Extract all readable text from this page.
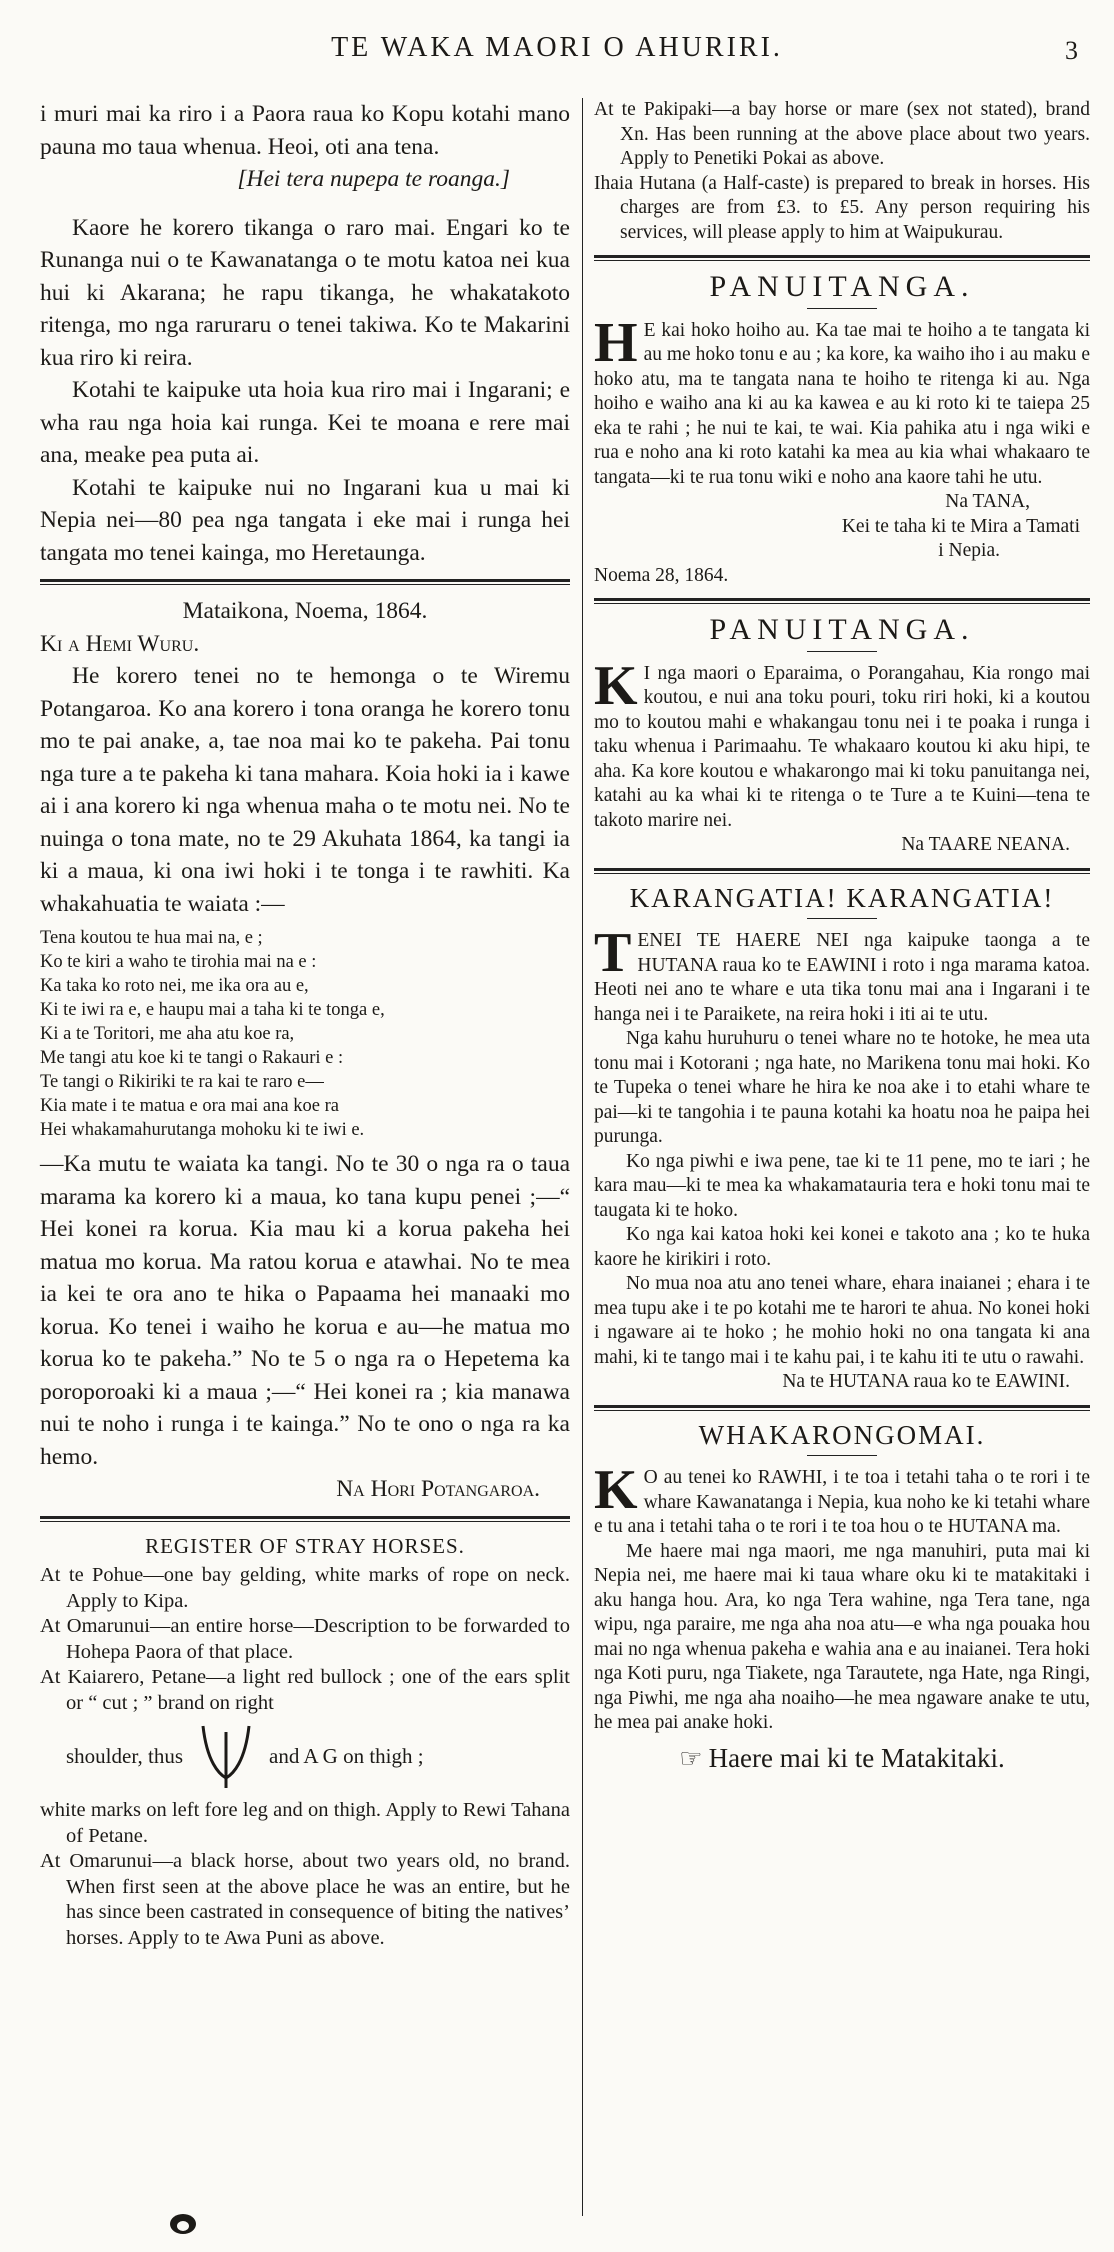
TE WAKA MAORI O AHURIRI.	3

i muri mai ka riro i a Paora raua ko Kopu kotahi mano pauna mo taua whenua. Heoi, oti ana tena.

[Hei tera nupepa te roanga.]

Kaore he korero tikanga o raro mai. Engari ko te Runanga nui o te Kawanatanga o te motu katoa nei kua hui ki Akarana; he rapu tikanga, he whakatakoto ritenga, mo nga raruraru o tenei takiwa. Ko te Makarini kua riro ki reira.

Kotahi te kaipuke uta hoia kua riro mai i Ingarani; e wha rau nga hoia kai runga. Kei te moana e rere mai ana, meake pea puta ai.

Kotahi te kaipuke nui no Ingarani kua u mai ki Nepia nei—80 pea nga tangata i eke mai i runga hei tangata mo tenei kainga, mo Heretaunga.

Mataikona, Noema, 1864.

Ki a Hemi Wuru.

He korero tenei no te hemonga o te Wiremu Potangaroa. Ko ana korero i tona oranga he korero tonu mo te pai anake, a, tae noa mai ko te pakeha. Pai tonu nga ture a te pakeha ki tana mahara. Koia hoki ia i kawe ai i ana korero ki nga whenua maha o te motu nei. No te nuinga o tona mate, no te 29 Akuhata 1864, ka tangi ia ki a maua, ki ona iwi hoki i te tonga i te rawhiti. Ka whakahuatia te waiata :—

Tena koutou te hua mai na, e ;
Ko te kiri a waho te tirohia mai na e :
Ka taka ko roto nei, me ika ora au e,
Ki te iwi ra e, e haupu mai a taha ki te tonga e,
Ki a te Toritori, me aha atu koe ra,
Me tangi atu koe ki te tangi o Rakauri e :
Te tangi o Rikiriki te ra kai te raro e—
Kia mate i te matua e ora mai ana koe ra
Hei whakamahurutanga mohoku ki te iwi e.

—Ka mutu te waiata ka tangi. No te 30 o nga ra o taua marama ka korero ki a maua, ko tana kupu penei ;—“ Hei konei ra korua. Kia mau ki a korua pakeha hei matua mo korua. Ma ratou korua e atawhai. No te mea ia kei te ora ano te hika o Papaama hei manaaki mo korua. Ko tenei i waiho he korua e au—he matua mo korua ko te pakeha.” No te 5 o nga ra o Hepetema ka poroporoaki ki a maua ;—“ Hei konei ra ; kia manawa nui te noho i runga i te kainga.” No te ono o nga ra ka hemo.

Na Hori Potangaroa.

REGISTER OF STRAY HORSES.

At te Pohue—one bay gelding, white marks of rope on neck. Apply to Kipa.

At Omarunui—an entire horse—Description to be forwarded to Hohepa Paora of that place.

At Kaiarero, Petane—a light red bullock ; one of the ears split or “ cut ; ” brand on right

shoulder, thus	and A G on thigh ;

white marks on left fore leg and on thigh. Apply to Rewi Tahana of Petane.

At Omarunui—a black horse, about two years old, no brand. When first seen at the above place he was an entire, but he has since been castrated in consequence of biting the natives’ horses. Apply to te Awa Puni as above.

At te Pakipaki—a bay horse or mare (sex not stated), brand Xn. Has been running at the above place about two years. Apply to Penetiki Pokai as above.

Ihaia Hutana (a Half-caste) is prepared to break in horses. His charges are from £3. to £5. Any person requiring his services, will please apply to him at Waipukurau.

PANUITANGA.

H E kai hoko hoiho au. Ka tae mai te hoiho a te tangata ki au me hoko tonu e au ; ka kore, ka waiho iho i au maku e hoko atu, ma te tangata nana te hoiho te ritenga ki au. Nga hoiho e waiho ana ki au ka kawea e au ki roto ki te taiepa 25 eka te rahi ; he nui te kai, te wai. Kia pahika atu i nga wiki e rua e noho ana ki roto katahi ka mea au kia whai whakaaro te tangata—ki te rua tonu wiki e noho ana kaore tahi he utu.

Na TANA,

Kei te taha ki te Mira a Tamati

i Nepia.

Noema 28, 1864.

PANUITANGA.

K I nga maori o Eparaima, o Porangahau, Kia rongo mai koutou, e nui ana toku pouri, toku riri hoki, ki a koutou mo to koutou mahi e whakangau tonu nei i te poaka i runga i taku whenua i Parimaahu. Te whakaaro koutou ki aku hipi, te aha. Ka kore koutou e whakarongo mai ki toku panuitanga nei, katahi au ka whai ki te ritenga o te Ture a te Kuini—tena te takoto marire nei.

Na TAARE NEANA.

KARANGATIA! KARANGATIA!

TENEI TE HAERE NEI nga kaipuke taonga a te HUTANA raua ko te EAWINI i roto i nga marama katoa. Heoti nei ano te whare e uta tika tonu mai ana i Ingarani i te hanga nei i te Paraikete, na reira hoki i iti ai te utu.

Nga kahu huruhuru o tenei whare no te hotoke, he mea uta tonu mai i Kotorani ; nga hate, no Marikena tonu mai hoki. Ko te Tupeka o tenei whare he hira ke noa ake i to etahi whare te pai—ki te tangohia i te pauna kotahi ka hoatu noa he paipa hei purunga.

Ko nga piwhi e iwa pene, tae ki te 11 pene, mo te iari ; he kara mau—ki te mea ka whakamatauria tera e hoki tonu mai te taugata ki te hoko.

Ko nga kai katoa hoki kei konei e takoto ana ; ko te huka kaore he kirikiri i roto.

No mua noa atu ano tenei whare, ehara inaianei ; ehara i te mea tupu ake i te po kotahi me te harori te ahua. No konei hoki i ngaware ai te hoko ; he mohio hoki no ona tangata ki ana mahi, ki te tango mai i te kahu pai, i te kahu iti te utu o rawahi.

Na te HUTANA raua ko te EAWINI.

WHAKARONGOMAI.

K O au tenei ko RAWHI, i te toa i tetahi taha o te rori i te whare Kawanatanga i Nepia, kua noho ke ki tetahi whare e tu ana i tetahi taha o te rori i te toa hou o te HUTANA ma.

Me haere mai nga maori, me nga manuhiri, puta mai ki Nepia nei, me haere mai ki taua whare oku ki te matakitaki i aku hanga hou. Ara, ko nga Tera wahine, nga Tera tane, nga wipu, nga paraire, me nga aha noa atu—e wha nga pouaka hou mai no nga whenua pakeha e wahia ana e au inaianei. Tera hoki nga Koti puru, nga Tiakete, nga Tarautete, nga Hate, nga Ringi, nga Piwhi, me nga aha noaiho—he mea ngaware anake te utu, he mea pai anake hoki.

☞ Haere mai ki te Matakitaki.
